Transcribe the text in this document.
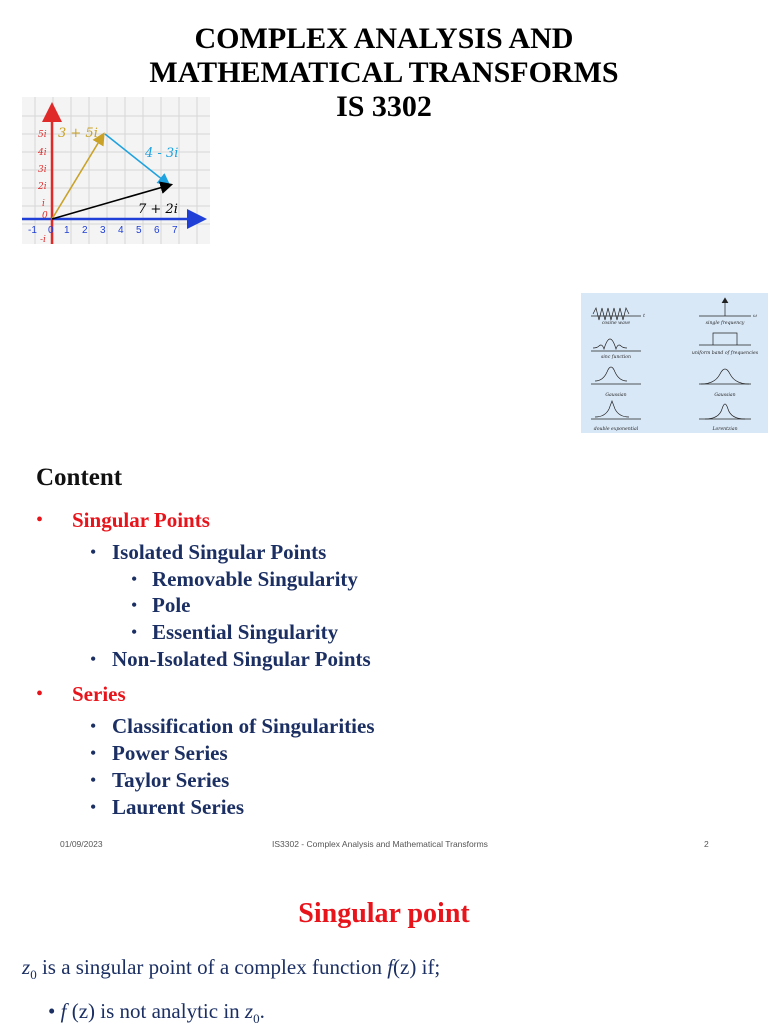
COMPLEX ANALYSIS AND
MATHEMATICAL TRANSFORMS
IS 3302
5i
4i
3i
2i
i
0
-i
-1 0 1 2 3 4 5 6 7
3 + 5i
4 - 3i
7 + 2i
cosine wave
sinc function
Gaussian
double exponential
single frequency
uniform band of frequencies
Gaussian
Lorentzian
t	ω
Content
• Singular Points
• Isolated Singular Points
• Removable Singularity
• Pole
• Essential Singularity
• Non-Isolated Singular Points
• Series
• Classification of Singularities
• Power Series
• Taylor Series
• Laurent Series
01/09/2023	IS3302 - Complex Analysis and Mathematical Transforms	2
Singular point
$z_0$ is a singular point of a complex function f(z) if;
• f (z) is not analytic in $z_0$.
